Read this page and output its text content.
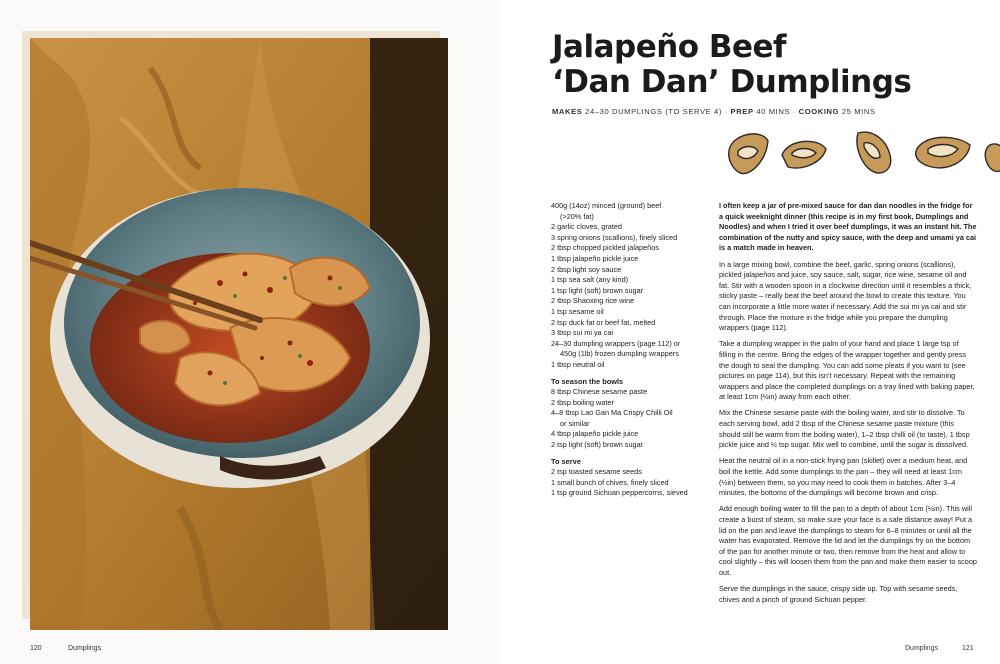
120	Dumplings
Jalapeño Beef
‘Dan Dan’ Dumplings
MAKES 24–30 DUMPLINGS (TO SERVE 4) · PREP 40 MINS · COOKING 25 MINS
400g (14oz) minced (ground) beef
(>20% fat)
2 garlic cloves, grated
3 spring onions (scallions), finely sliced
2 tbsp chopped pickled jalapeños
1 tbsp jalapeño pickle juice
2 tbsp light soy sauce
1 tsp sea salt (any kind)
1 tsp light (soft) brown sugar
2 tbsp Shaoxing rice wine
1 tsp sesame oil
2 tsp duck fat or beef fat, melted
3 tbsp sui mi ya cai
24–30 dumpling wrappers (page 112) or
450g (1lb) frozen dumpling wrappers
1 tbsp neutral oil
To season the bowls
8 tbsp Chinese sesame paste
2 tbsp boiling water
4–8 tbsp Lao Gan Ma Crispy Chilli Oil
or similar
4 tbsp jalapeño pickle juice
2 tsp light (soft) brown sugar
To serve
2 tsp toasted sesame seeds
1 small bunch of chives, finely sliced
1 tsp ground Sichuan peppercorns, sieved

I often keep a jar of pre-mixed sauce for dan dan noodles in the fridge for a quick weeknight dinner (this recipe is in my first book, Dumplings and Noodles) and when I tried it over beef dumplings, it was an instant hit. The combination of the nutty and spicy sauce, with the deep and umami ya cai is a match made in heaven.

In a large mixing bowl, combine the beef, garlic, spring onions (scallions), pickled jalapeños and juice, soy sauce, salt, sugar, rice wine, sesame oil and fat. Stir with a wooden spoon in a clockwise direction until it resembles a thick, sticky paste – really beat the beef around the bowl to create this texture. You can incorporate a little more water if necessary. Add the sui mi ya cai and stir through. Place the mixture in the fridge while you prepare the dumpling wrappers (page 112).

Take a dumpling wrapper in the palm of your hand and place 1 large tsp of filling in the centre. Bring the edges of the wrapper together and gently press the dough to seal the dumpling. You can add some pleats if you want to (see pictures on page 114), but this isn’t necessary. Repeat with the remaining wrappers and place the completed dumplings on a tray lined with baking paper, at least 1cm (½in) away from each other.

Mix the Chinese sesame paste with the boiling water, and stir to dissolve. To each serving bowl, add 2 tbsp of the Chinese sesame paste mixture (this should still be warm from the boiling water), 1–2 tbsp chilli oil (to taste), 1 tbsp pickle juice and ½ tsp sugar. Mix well to combine, until the sugar is dissolved.

Heat the neutral oil in a non-stick frying pan (skillet) over a medium heat, and boil the kettle. Add some dumplings to the pan – they will need at least 1cm (½in) between them, so you may need to cook them in batches. After 3–4 minutes, the bottoms of the dumplings will become brown and crisp.

Add enough boiling water to fill the pan to a depth of about 1cm (½in). This will create a burst of steam, so make sure your face is a safe distance away! Put a lid on the pan and leave the dumplings to steam for 6–8 minutes or until all the water has evaporated. Remove the lid and let the dumplings fry on the bottom of the pan for another minute or two, then remove from the heat and allow to cool slightly – this will loosen them from the pan and make them easier to scoop out.

Serve the dumplings in the sauce, crispy side up. Top with sesame seeds, chives and a pinch of ground Sichuan pepper.

Dumplings	121
